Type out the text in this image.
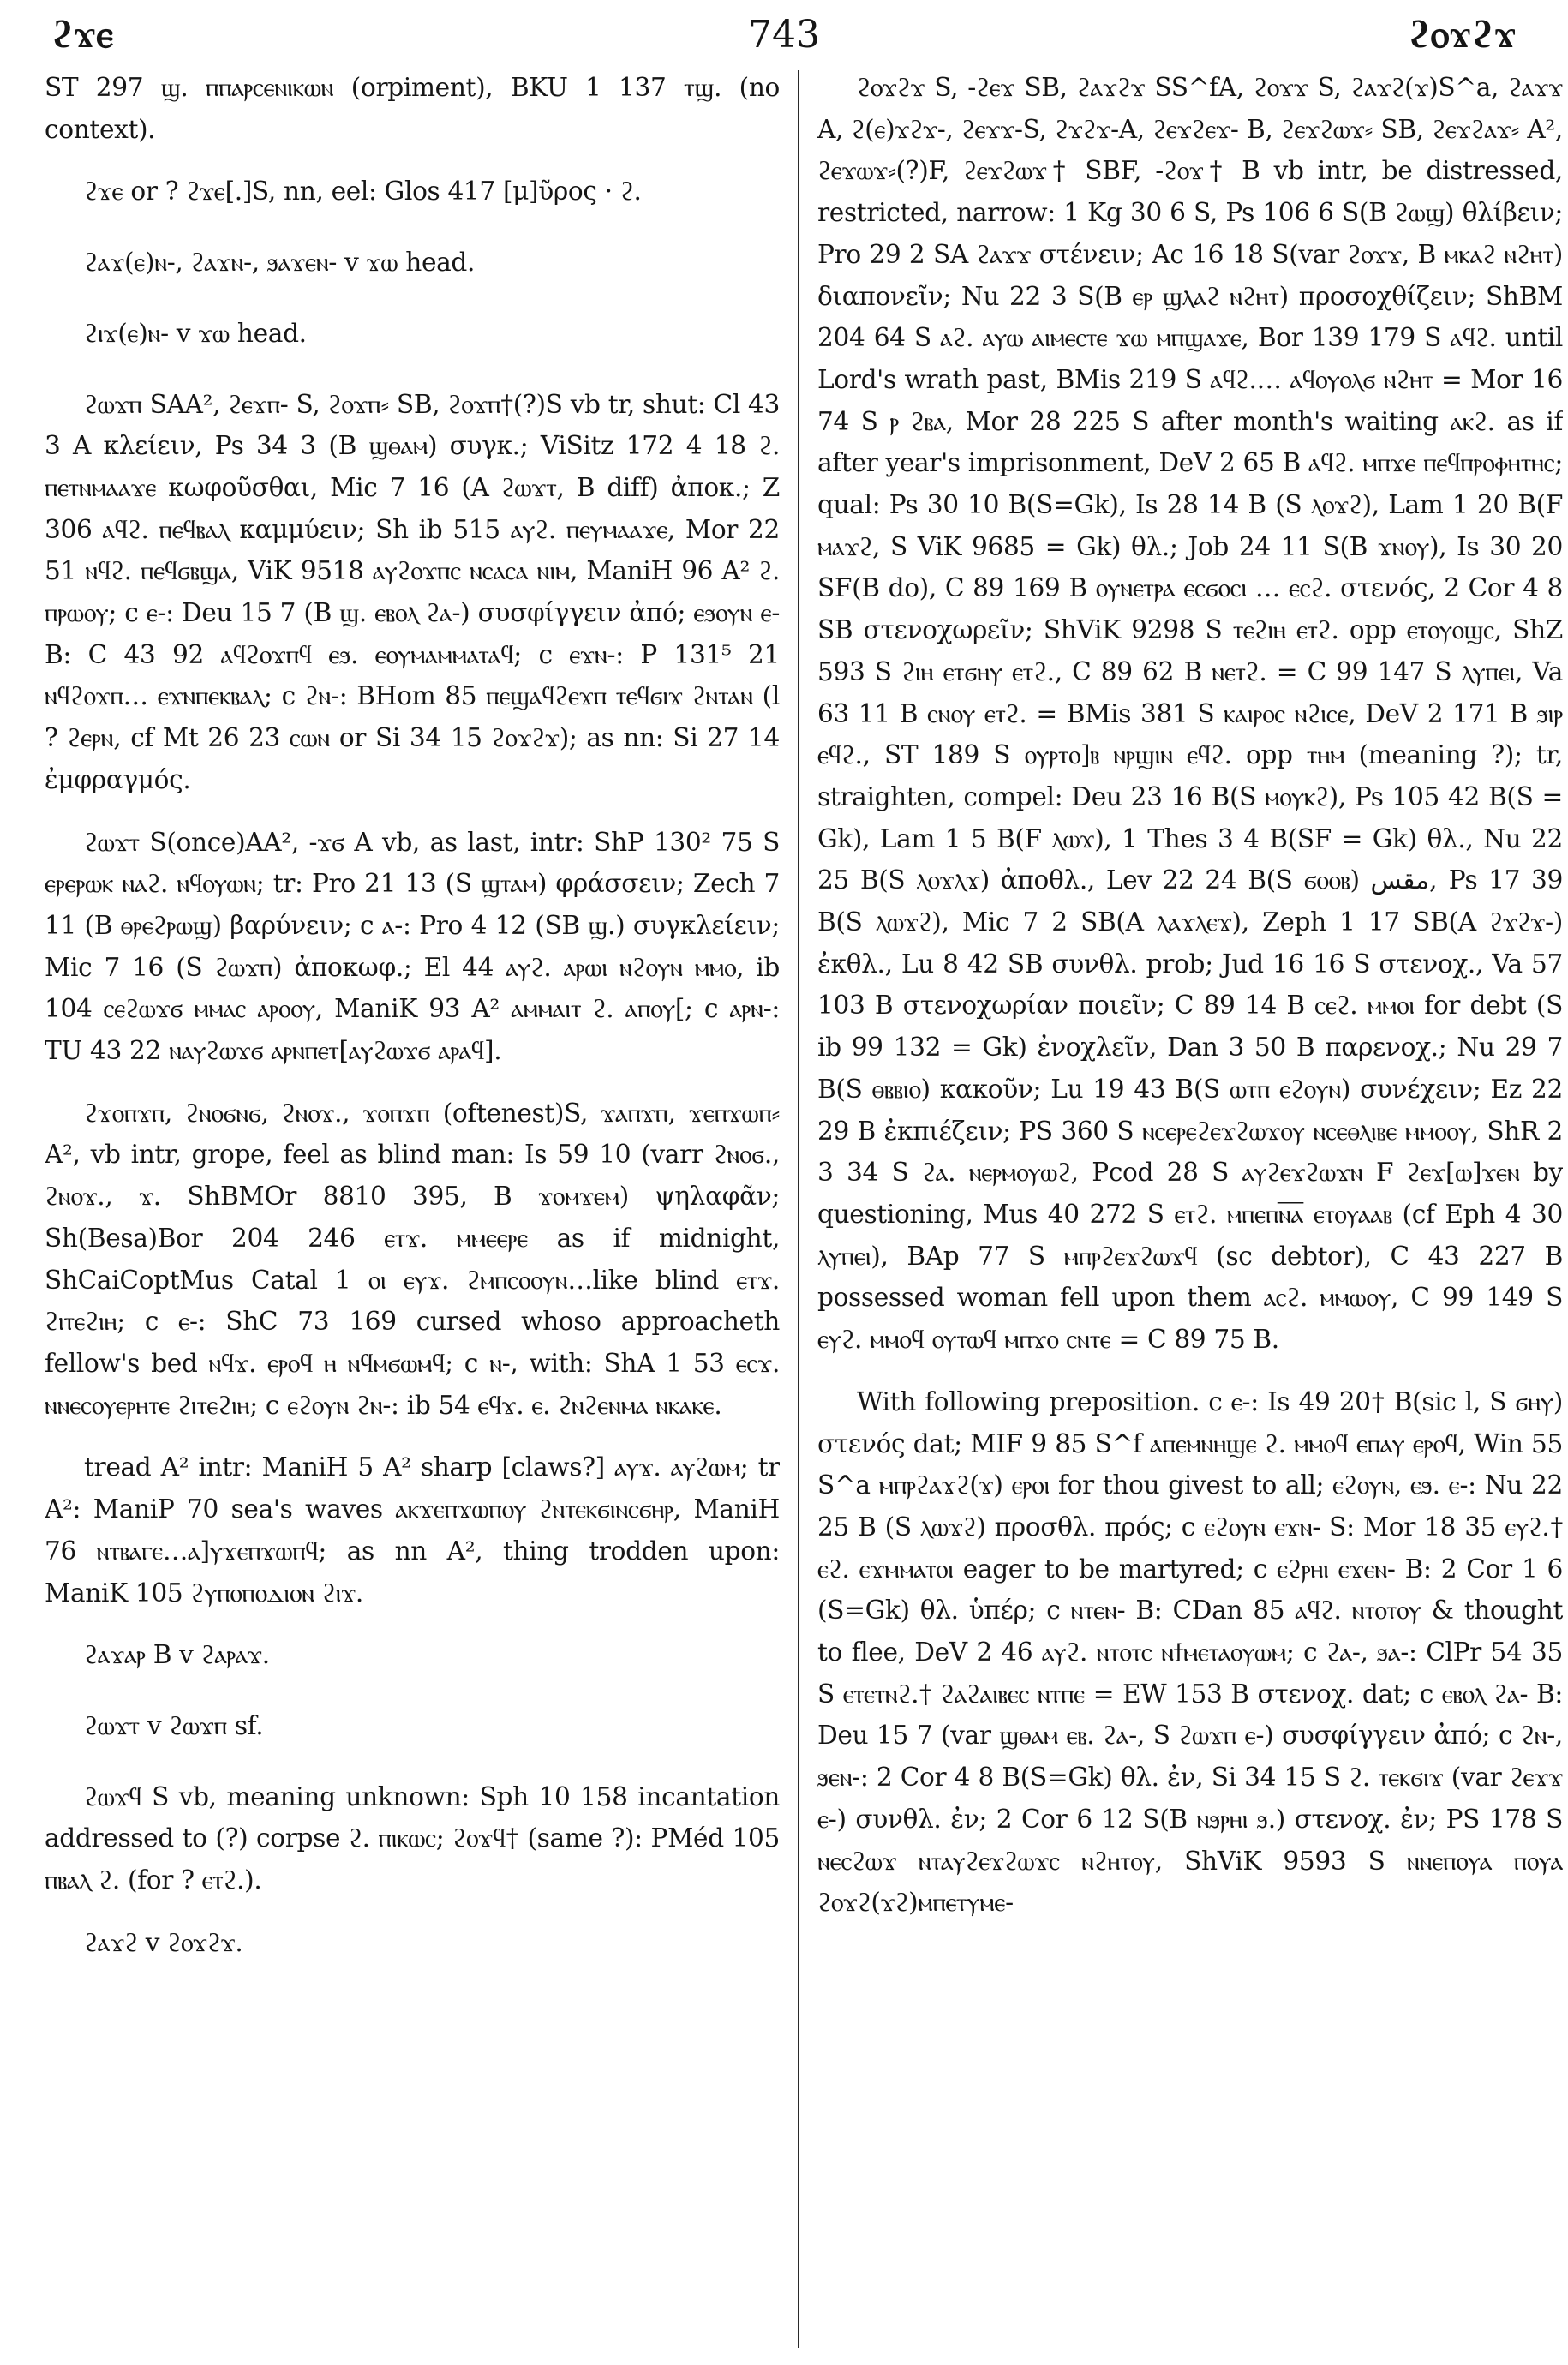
ϩϫⲉ	743	ϩⲟϫϩϫ

ST 297 ϣ. ⲡⲡⲁⲣⲥⲉⲛⲓⲕⲱⲛ (orpiment), BKU 1 137 ⲧϣ. (no context).

ϩϫⲉ or ? ϩϫⲉ[.]S, nn, eel: Glos 417 [μ]ῦρος · ϩ.

ϩⲁϫ(ⲉ)ⲛ-, ϩⲁϫⲛ-, ϧⲁϫⲉⲛ- v ϫⲱ head.

ϩⲓϫ(ⲉ)ⲛ- v ϫⲱ head.

ϩⲱϫⲡ SAA², ϩⲉϫⲡ- S, ϩⲟϫⲡ⸗ SB, ϩⲟϫⲡ†(?)S vb tr, shut: Cl 43 3 A κλείειν, Ps 34 3 (B ϣⲑⲁⲙ) συγκ.; ViSitz 172 4 18 ϩ. ⲡⲉⲧⲛⲙⲁⲁϫⲉ κωφοῦσθαι, Mic 7 16 (A ϩⲱϫⲧ, B diff) ἀποκ.; Z 306 ⲁϥϩ. ⲡⲉϥⲃⲁⲗ καμμύειν; Sh ib 515 ⲁⲩϩ. ⲡⲉⲩⲙⲁⲁϫⲉ, Mor 22 51 ⲛϥϩ. ⲡⲉϥϭⲃϣⲁ, ViK 9518 ⲁⲩϩⲟϫⲡⲥ ⲛⲥⲁⲥⲁ ⲛⲓⲙ, ManiH 96 A² ϩ. ⲡⲣⲱⲟⲩ; c ⲉ-: Deu 15 7 (B ϣ. ⲉⲃⲟⲗ ϩⲁ-) συσφίγγειν ἀπό; ⲉϧⲟⲩⲛ ⲉ- B: C 43 92 ⲁϥϩⲟϫⲡϥ ⲉϧ. ⲉⲟⲩⲙⲁⲙⲙⲁⲧⲁϥ; c ⲉϫⲛ-: P 131⁵ 21 ⲛϥϩⲟϫⲡ… ⲉϫⲛⲡⲉⲕⲃⲁⲗ; c ϩⲛ-: BHom 85 ⲡⲉϣⲁϥϩⲉϫⲡ ⲧⲉϥϭⲓϫ ϩⲛⲧⲁⲛ (l ? ϩⲉⲣⲛ, cf Mt 26 23 ⲥⲱⲛ or Si 34 15 ϩⲟϫϩϫ); as nn: Si 27 14 ἐμφραγμός.

ϩⲱϫⲧ S(once)AA², -ϫϭ A vb, as last, intr: ShP 130² 75 S ⲉⲣⲉⲣⲱⲕ ⲛⲁϩ. ⲛϥⲟⲩⲱⲛ; tr: Pro 21 13 (S ϣⲧⲁⲙ) φράσσειν; Zech 7 11 (B ⲑⲣⲉϩⲣⲱϣ) βαρύνειν; c ⲁ-: Pro 4 12 (SB ϣ.) συγκλείειν; Mic 7 16 (S ϩⲱϫⲡ) ἀποκωφ.; El 44 ⲁⲩϩ. ⲁⲣⲱⲓ ⲛϩⲟⲩⲛ ⲙⲙⲟ, ib 104 ⲥⲉϩⲱϫϭ ⲙⲙⲁⲥ ⲁⲣⲟⲟⲩ, ManiK 93 A² ⲁⲙⲙⲁⲓⲧ ϩ. ⲁⲡⲟⲩ[; c ⲁⲣⲛ-: TU 43 22 ⲛⲁⲩϩⲱϫϭ ⲁⲣⲛⲡⲉⲧ[ⲁⲩϩⲱϫϭ ⲁⲣⲁϥ].

ϩϫⲟⲡϫⲡ, ϩⲛⲟϭⲛϭ, ϩⲛⲟϫ., ϫⲟⲡϫⲡ (oftenest)S, ϫⲁⲡϫⲡ, ϫⲉⲡϫⲱⲡ⸗ A², vb intr, grope, feel as blind man: Is 59 10 (varr ϩⲛⲟϭ., ϩⲛⲟϫ., ϫ. ShBMOr 8810 395, B ϫⲟⲙϫⲉⲙ) ψηλαφᾶν; Sh(Besa)Bor 204 246 ⲉⲧϫ. ⲙⲙⲉⲉⲣⲉ as if midnight, ShCaiCoptMus Catal 1 ⲟⲓ ⲉⲩϫ. ϩⲙⲡⲥⲟⲟⲩⲛ…like blind ⲉⲧϫ. ϩⲓⲧⲉϩⲓⲏ; c ⲉ-: ShC 73 169 cursed whoso approacheth fellow's bed ⲛϥϫ. ⲉⲣⲟϥ ⲏ ⲛϥⲙϭⲱⲙϥ; c ⲛ-, with: ShA 1 53 ⲉⲥϫ. ⲛⲛⲉⲥⲟⲩⲉⲣⲏⲧⲉ ϩⲓⲧⲉϩⲓⲏ; c ⲉϩⲟⲩⲛ ϩⲛ-: ib 54 ⲉϥϫ. ⲉ. ϩⲛϩⲉⲛⲙⲁ ⲛⲕⲁⲕⲉ.

tread A² intr: ManiH 5 A² sharp [claws?] ⲁⲩϫ. ⲁⲩϩⲱⲙ; tr A²: ManiP 70 sea's waves ⲁⲕϫⲉⲡϫⲱⲡⲟⲩ ϩⲛⲧⲉⲕϭⲓⲛⲥϭⲏⲣ, ManiH 76 ⲛⲧⲃⲁⲅⲉ…ⲁ]ⲩϫⲉⲡϫⲱⲡϥ; as nn A², thing trodden upon: ManiK 105 ϩⲩⲡⲟⲡⲟⲇⲓⲟⲛ ϩⲓϫ.

ϩⲁϫⲁⲣ B v ϩⲁⲣⲁϫ.

ϩⲱϫⲧ v ϩⲱϫⲡ sf.

ϩⲱϫϥ S vb, meaning unknown: Sph 10 158 incantation addressed to (?) corpse ϩ. ⲡⲓⲕⲱⲥ; ϩⲟϫϥ† (same ?): PMéd 105 ⲡⲃⲁⲗ ϩ. (for ? ⲉⲧϩ.).

ϩⲁϫϩ v ϩⲟϫϩϫ.

ϩⲟϫϩϫ S, -ϩⲉϫ SB, ϩⲁϫϩϫ SS^fA, ϩⲟϫϫ S, ϩⲁϫϩ(ϫ)S^a, ϩⲁϫϫ A, ϩ(ⲉ)ϫϩϫ-, ϩⲉϫϫ-S, ϩϫϩϫ-A, ϩⲉϫϩⲉϫ- B, ϩⲉϫϩⲱϫ⸗ SB, ϩⲉϫϩⲁϫ⸗ A², ϩⲉϫⲱϫ⸗(?)F, ϩⲉϫϩⲱϫ† SBF, -ϩⲟϫ† B vb intr, be distressed, restricted, narrow: 1 Kg 30 6 S, Ps 106 6 S(B ϩⲱϣ) θλίβειν; Pro 29 2 SA ϩⲁϫϫ στένειν; Ac 16 18 S(var ϩⲟϫϫ, B ⲙⲕⲁϩ ⲛϩⲏⲧ) διαπονεῖν; Nu 22 3 S(B ⲉⲣ ϣⲗⲁϩ ⲛϩⲏⲧ) προσοχθίζειν; ShBM 204 64 S ⲁϩ. ⲁⲩⲱ ⲁⲓⲙⲉⲥⲧⲉ ϫⲱ ⲙⲡϣⲁϫⲉ, Bor 139 179 S ⲁϥϩ. until Lord's wrath past, BMis 219 S ⲁϥϩ.… ⲁϥⲟⲩⲟⲗϭ ⲛϩⲏⲧ = Mor 16 74 S ⲣ ϩⲃⲁ, Mor 28 225 S after month's waiting ⲁⲕϩ. as if after year's imprisonment, DeV 2 65 B ⲁϥϩ. ⲙⲡϫⲉ ⲡⲉϥⲡⲣⲟⲫⲏⲧⲏⲥ; qual: Ps 30 10 B(S=Gk), Is 28 14 B (S ⲗⲟϫϩ), Lam 1 20 B(F ⲙⲁϫϩ, S ViK 9685 = Gk) θλ.; Job 24 11 S(B ϫⲛⲟⲩ), Is 30 20 SF(B do), C 89 169 B ⲟⲩⲛⲉⲧⲣⲁ ⲉⲥϭⲟⲥⲓ … ⲉⲥϩ. στενός, 2 Cor 4 8 SB στενοχωρεῖν; ShViK 9298 S ⲧⲉϩⲓⲏ ⲉⲧϩ. opp ⲉⲧⲟⲩⲟϣⲥ, ShZ 593 S ϩⲓⲏ ⲉⲧϭⲏⲩ ⲉⲧϩ., C 89 62 B ⲛⲉⲧϩ. = C 99 147 S ⲗⲩⲡⲉⲓ, Va 63 11 B ⲥⲛⲟⲩ ⲉⲧϩ. = BMis 381 S ⲕⲁⲓⲣⲟⲥ ⲛϩⲓⲥⲉ, DeV 2 171 B ϧⲓⲣ ⲉϥϩ., ST 189 S ⲟⲩⲣⲧⲟ]ⲃ ⲛⲣϣⲓⲛ ⲉϥϩ. opp ⲧⲏⲙ (meaning ?); tr, straighten, compel: Deu 23 16 B(S ⲙⲟⲩⲕϩ), Ps 105 42 B(S = Gk), Lam 1 5 B(F ⲗⲱϫ), 1 Thes 3 4 B(SF = Gk) θλ., Nu 22 25 B(S ⲗⲟϫⲗϫ) ἀποθλ., Lev 22 24 B(S ϭⲟⲟⲃ) مقس, Ps 17 39 B(S ⲗⲱϫϩ), Mic 7 2 SB(A ⲗⲁϫⲗⲉϫ), Zeph 1 17 SB(A ϩϫϩϫ-) ἐκθλ., Lu 8 42 SB συνθλ. prob; Jud 16 16 S στενοχ., Va 57 103 B στενοχωρίαν ποιεῖν; C 89 14 B ⲥⲉϩ. ⲙⲙⲟⲓ for debt (S ib 99 132 = Gk) ἐνοχλεῖν, Dan 3 50 B παρενοχ.; Nu 29 7 B(S ⲑⲃⲃⲓⲟ) κακοῦν; Lu 19 43 B(S ⲱⲧⲡ ⲉϩⲟⲩⲛ) συνέχειν; Ez 22 29 B ἐκπιέζειν; PS 360 S ⲛⲥⲉⲣⲉϩⲉϫϩⲱϫⲟⲩ ⲛⲥⲉⲑⲗⲓⲃⲉ ⲙⲙⲟⲟⲩ, ShR 2 3 34 S ϩⲁ. ⲛⲉⲣⲙⲟⲩⲱϩ, Pcod 28 S ⲁⲩϩⲉϫϩⲱϫⲛ F ϩⲉϫ[ⲱ]ϫⲉⲛ by questioning, Mus 40 272 S ⲉⲧϩ. ⲙⲡⲉⲡⲛ̅ⲁ̅ ⲉⲧⲟⲩⲁⲁⲃ (cf Eph 4 30 ⲗⲩⲡⲉⲓ), BAp 77 S ⲙⲡⲣϩⲉϫϩⲱϫϥ (sc debtor), C 43 227 B possessed woman fell upon them ⲁⲥϩ. ⲙⲙⲱⲟⲩ, C 99 149 S ⲉⲩϩ. ⲙⲙⲟϥ ⲟⲩⲧⲱϥ ⲙⲡϫⲟ ⲥⲛⲧⲉ = C 89 75 B.

With following preposition. c ⲉ-: Is 49 20† B(sic l, S ϭⲏⲩ) στενός dat; MIF 9 85 S^f ⲁⲡⲉⲙⲛⲏϣⲉ ϩ. ⲙⲙⲟϥ ⲉⲡⲁⲩ ⲉⲣⲟϥ, Win 55 S^a ⲙⲡⲣϩⲁϫϩ(ϫ) ⲉⲣⲟⲓ for thou givest to all; ⲉϩⲟⲩⲛ, ⲉϧ. ⲉ-: Nu 22 25 B (S ⲗⲱϫϩ) προσθλ. πρός; c ⲉϩⲟⲩⲛ ⲉϫⲛ- S: Mor 18 35 ⲉⲩϩ.† ⲉϩ. ⲉϫⲙⲙⲁⲧⲟⲓ eager to be martyred; c ⲉϩⲣⲏⲓ ⲉϫⲉⲛ- B: 2 Cor 1 6 (S=Gk) θλ. ὑπέρ; c ⲛⲧⲉⲛ- B: CDan 85 ⲁϥϩ. ⲛⲧⲟⲧⲟⲩ & thought to flee, DeV 2 46 ⲁⲩϩ. ⲛⲧⲟⲧⲥ ⲛϯⲙⲉⲧⲁⲟⲩⲱⲙ; c ϩⲁ-, ϧⲁ-: ClPr 54 35 S ⲉⲧⲉⲧⲛϩ.† ϩⲁϩⲁⲓⲃⲉⲥ ⲛⲧⲡⲉ = EW 153 B στενοχ. dat; c ⲉⲃⲟⲗ ϩⲁ- B: Deu 15 7 (var ϣⲑⲁⲙ ⲉⲃ. ϩⲁ-, S ϩⲱϫⲡ ⲉ-) συσφίγγειν ἀπό; c ϩⲛ-, ϧⲉⲛ-: 2 Cor 4 8 B(S=Gk) θλ. ἐν, Si 34 15 S ϩ. ⲧⲉⲕϭⲓϫ (var ϩⲉϫϫ ⲉ-) συνθλ. ἐν; 2 Cor 6 12 S(B ⲛϧⲣⲏⲓ ϧ.) στενοχ. ἐν; PS 178 S ⲛⲉⲥϩⲱϫ ⲛⲧⲁⲩϩⲉϫϩⲱϫⲥ ⲛϩⲏⲧⲟⲩ, ShViK 9593 S ⲛⲛⲉⲡⲟⲩⲁ ⲡⲟⲩⲁ ϩⲟϫϩ(ϫϩ)ⲙⲡⲉⲧⲩⲙⲉ-
